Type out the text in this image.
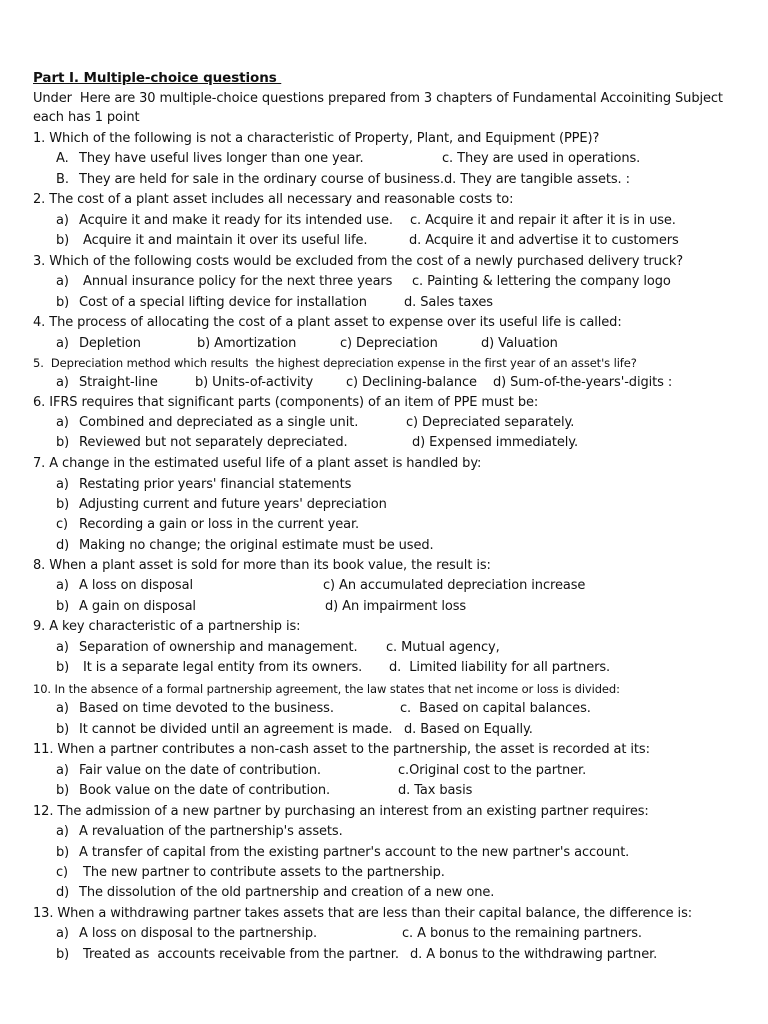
Part I. Multiple-choice questions
Under  Here are 30 multiple-choice questions prepared from 3 chapters of Fundamental Accoiniting Subject
each has 1 point
1. Which of the following is not a characteristic of Property, Plant, and Equipment (PPE)?
A. They have useful lives longer than one year.	c. They are used in operations.
B. They are held for sale in the ordinary course of business. d. They are tangible assets. :
2. The cost of a plant asset includes all necessary and reasonable costs to:
a) Acquire it and make it ready for its intended use. c. Acquire it and repair it after it is in use.
b) Acquire it and maintain it over its useful life.	d. Acquire it and advertise it to customers
3. Which of the following costs would be excluded from the cost of a newly purchased delivery truck?
a) Annual insurance policy for the next three years c. Painting & lettering the company logo
b) Cost of a special lifting device for installation	d. Sales taxes
4. The process of allocating the cost of a plant asset to expense over its useful life is called:
a) Depletion	b) Amortization	c) Depreciation	d) Valuation
5.  Depreciation method which results  the highest depreciation expense in the first year of an asset's life?
a) Straight-line	b) Units-of-activity	c) Declining-balance d) Sum-of-the-years'-digits :
6. IFRS requires that significant parts (components) of an item of PPE must be:
a) Combined and depreciated as a single unit.	c) Depreciated separately.
b) Reviewed but not separately depreciated.	d) Expensed immediately.
7. A change in the estimated useful life of a plant asset is handled by:
a) Restating prior years' financial statements
b) Adjusting current and future years' depreciation
c) Recording a gain or loss in the current year.
d) Making no change; the original estimate must be used.
8. When a plant asset is sold for more than its book value, the result is:
a) A loss on disposal	c) An accumulated depreciation increase
b) A gain on disposal	d) An impairment loss
9. A key characteristic of a partnership is:
a) Separation of ownership and management. c. Mutual agency,
b) It is a separate legal entity from its owners. d.  Limited liability for all partners.
10. In the absence of a formal partnership agreement, the law states that net income or loss is divided:
a) Based on time devoted to the business.	c.  Based on capital balances.
b) It cannot be divided until an agreement is made. d. Based on Equally.
11. When a partner contributes a non-cash asset to the partnership, the asset is recorded at its:
a) Fair value on the date of contribution.	c.Original cost to the partner.
b) Book value on the date of contribution.	d. Tax basis
12. The admission of a new partner by purchasing an interest from an existing partner requires:
a) A revaluation of the partnership's assets.
b) A transfer of capital from the existing partner's account to the new partner's account.
c) The new partner to contribute assets to the partnership.
d) The dissolution of the old partnership and creation of a new one.
13. When a withdrawing partner takes assets that are less than their capital balance, the difference is:
a) A loss on disposal to the partnership.	c. A bonus to the remaining partners.
b) Treated as  accounts receivable from the partner. d. A bonus to the withdrawing partner.
